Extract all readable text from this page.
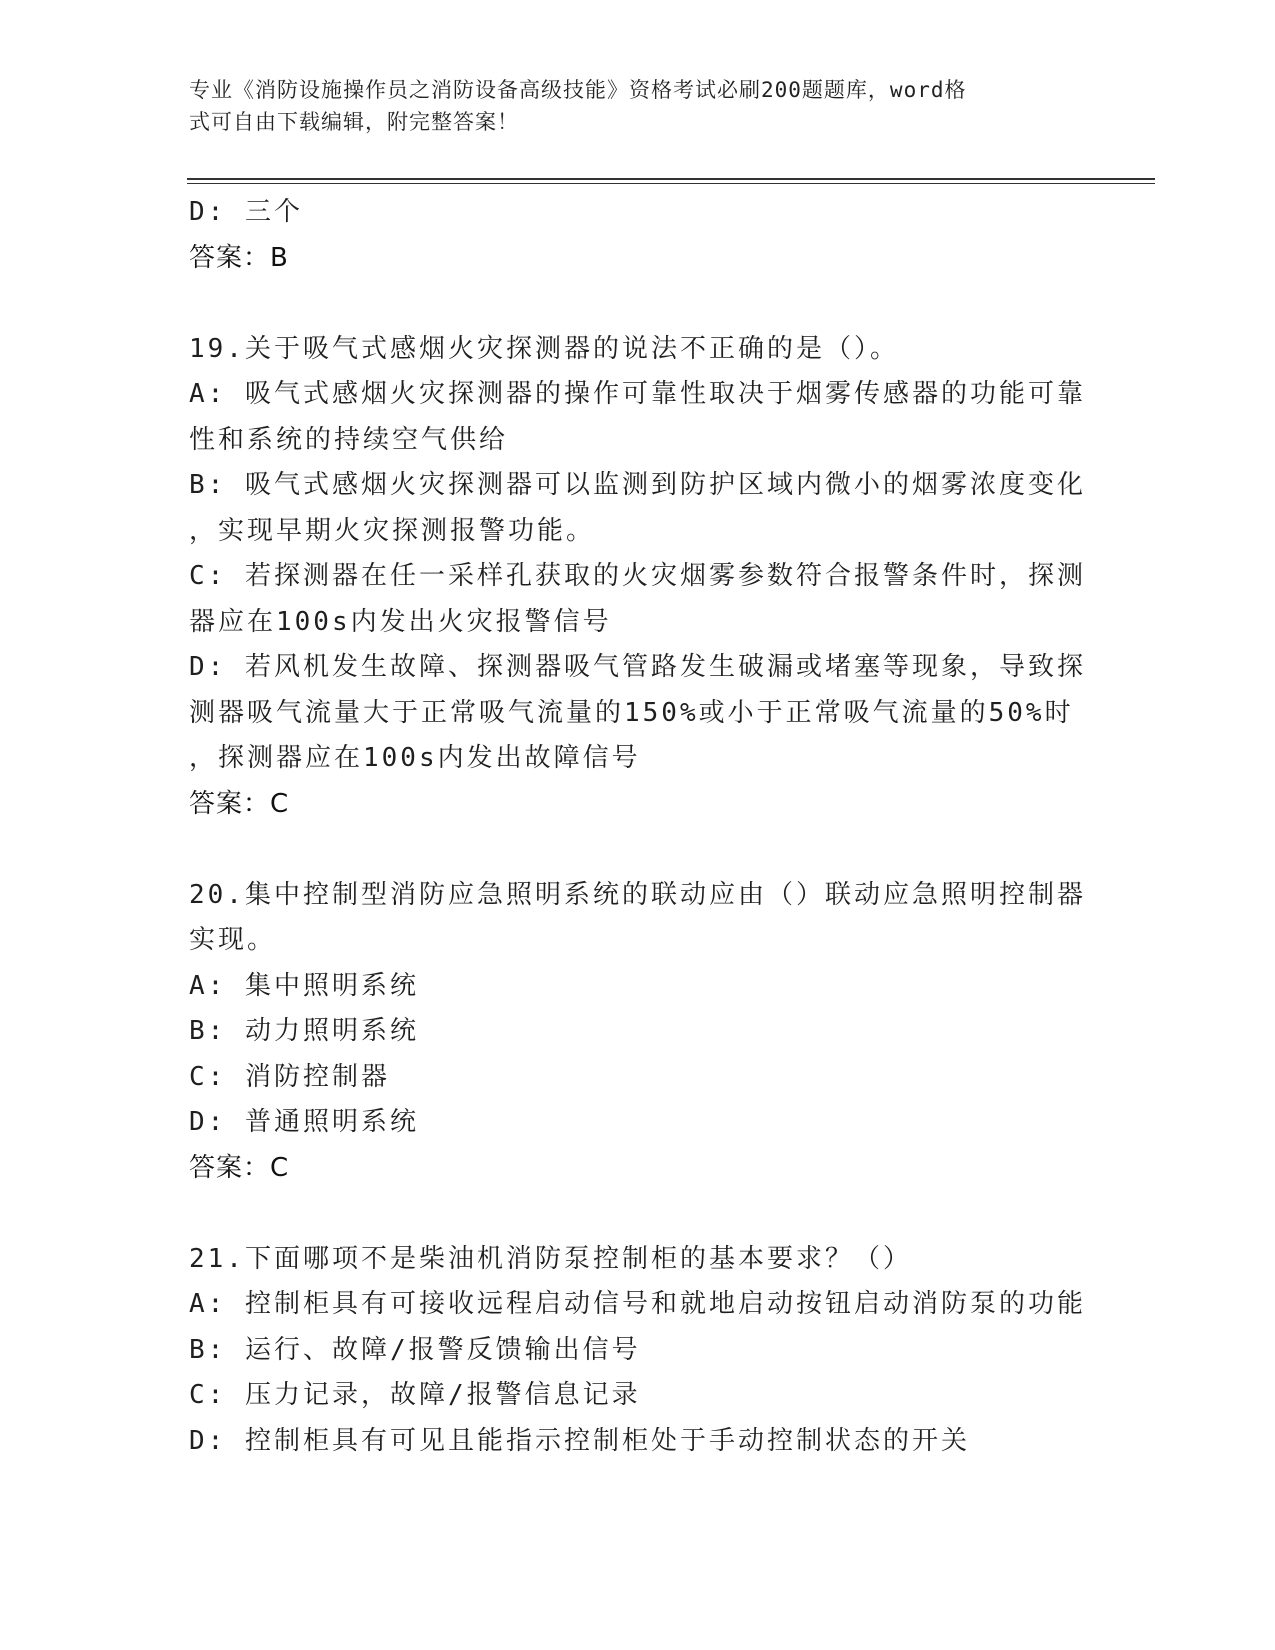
专业《消防设施操作员之消防设备高级技能》资格考试必刷200题题库，word格
式可自由下载编辑，附完整答案！
D: 三个
答案：B
19.关于吸气式感烟火灾探测器的说法不正确的是（）。
A: 吸气式感烟火灾探测器的操作可靠性取决于烟雾传感器的功能可靠
性和系统的持续空气供给
B: 吸气式感烟火灾探测器可以监测到防护区域内微小的烟雾浓度变化
，实现早期火灾探测报警功能。
C: 若探测器在任一采样孔获取的火灾烟雾参数符合报警条件时，探测
器应在100s内发出火灾报警信号
D: 若风机发生故障、探测器吸气管路发生破漏或堵塞等现象，导致探
测器吸气流量大于正常吸气流量的150%或小于正常吸气流量的50%时
，探测器应在100s内发出故障信号
答案：C
20.集中控制型消防应急照明系统的联动应由（）联动应急照明控制器
实现。
A: 集中照明系统
B: 动力照明系统
C: 消防控制器
D: 普通照明系统
答案：C
21.下面哪项不是柴油机消防泵控制柜的基本要求？（）
A: 控制柜具有可接收远程启动信号和就地启动按钮启动消防泵的功能
B: 运行、故障/报警反馈输出信号
C: 压力记录，故障/报警信息记录
D: 控制柜具有可见且能指示控制柜处于手动控制状态的开关
